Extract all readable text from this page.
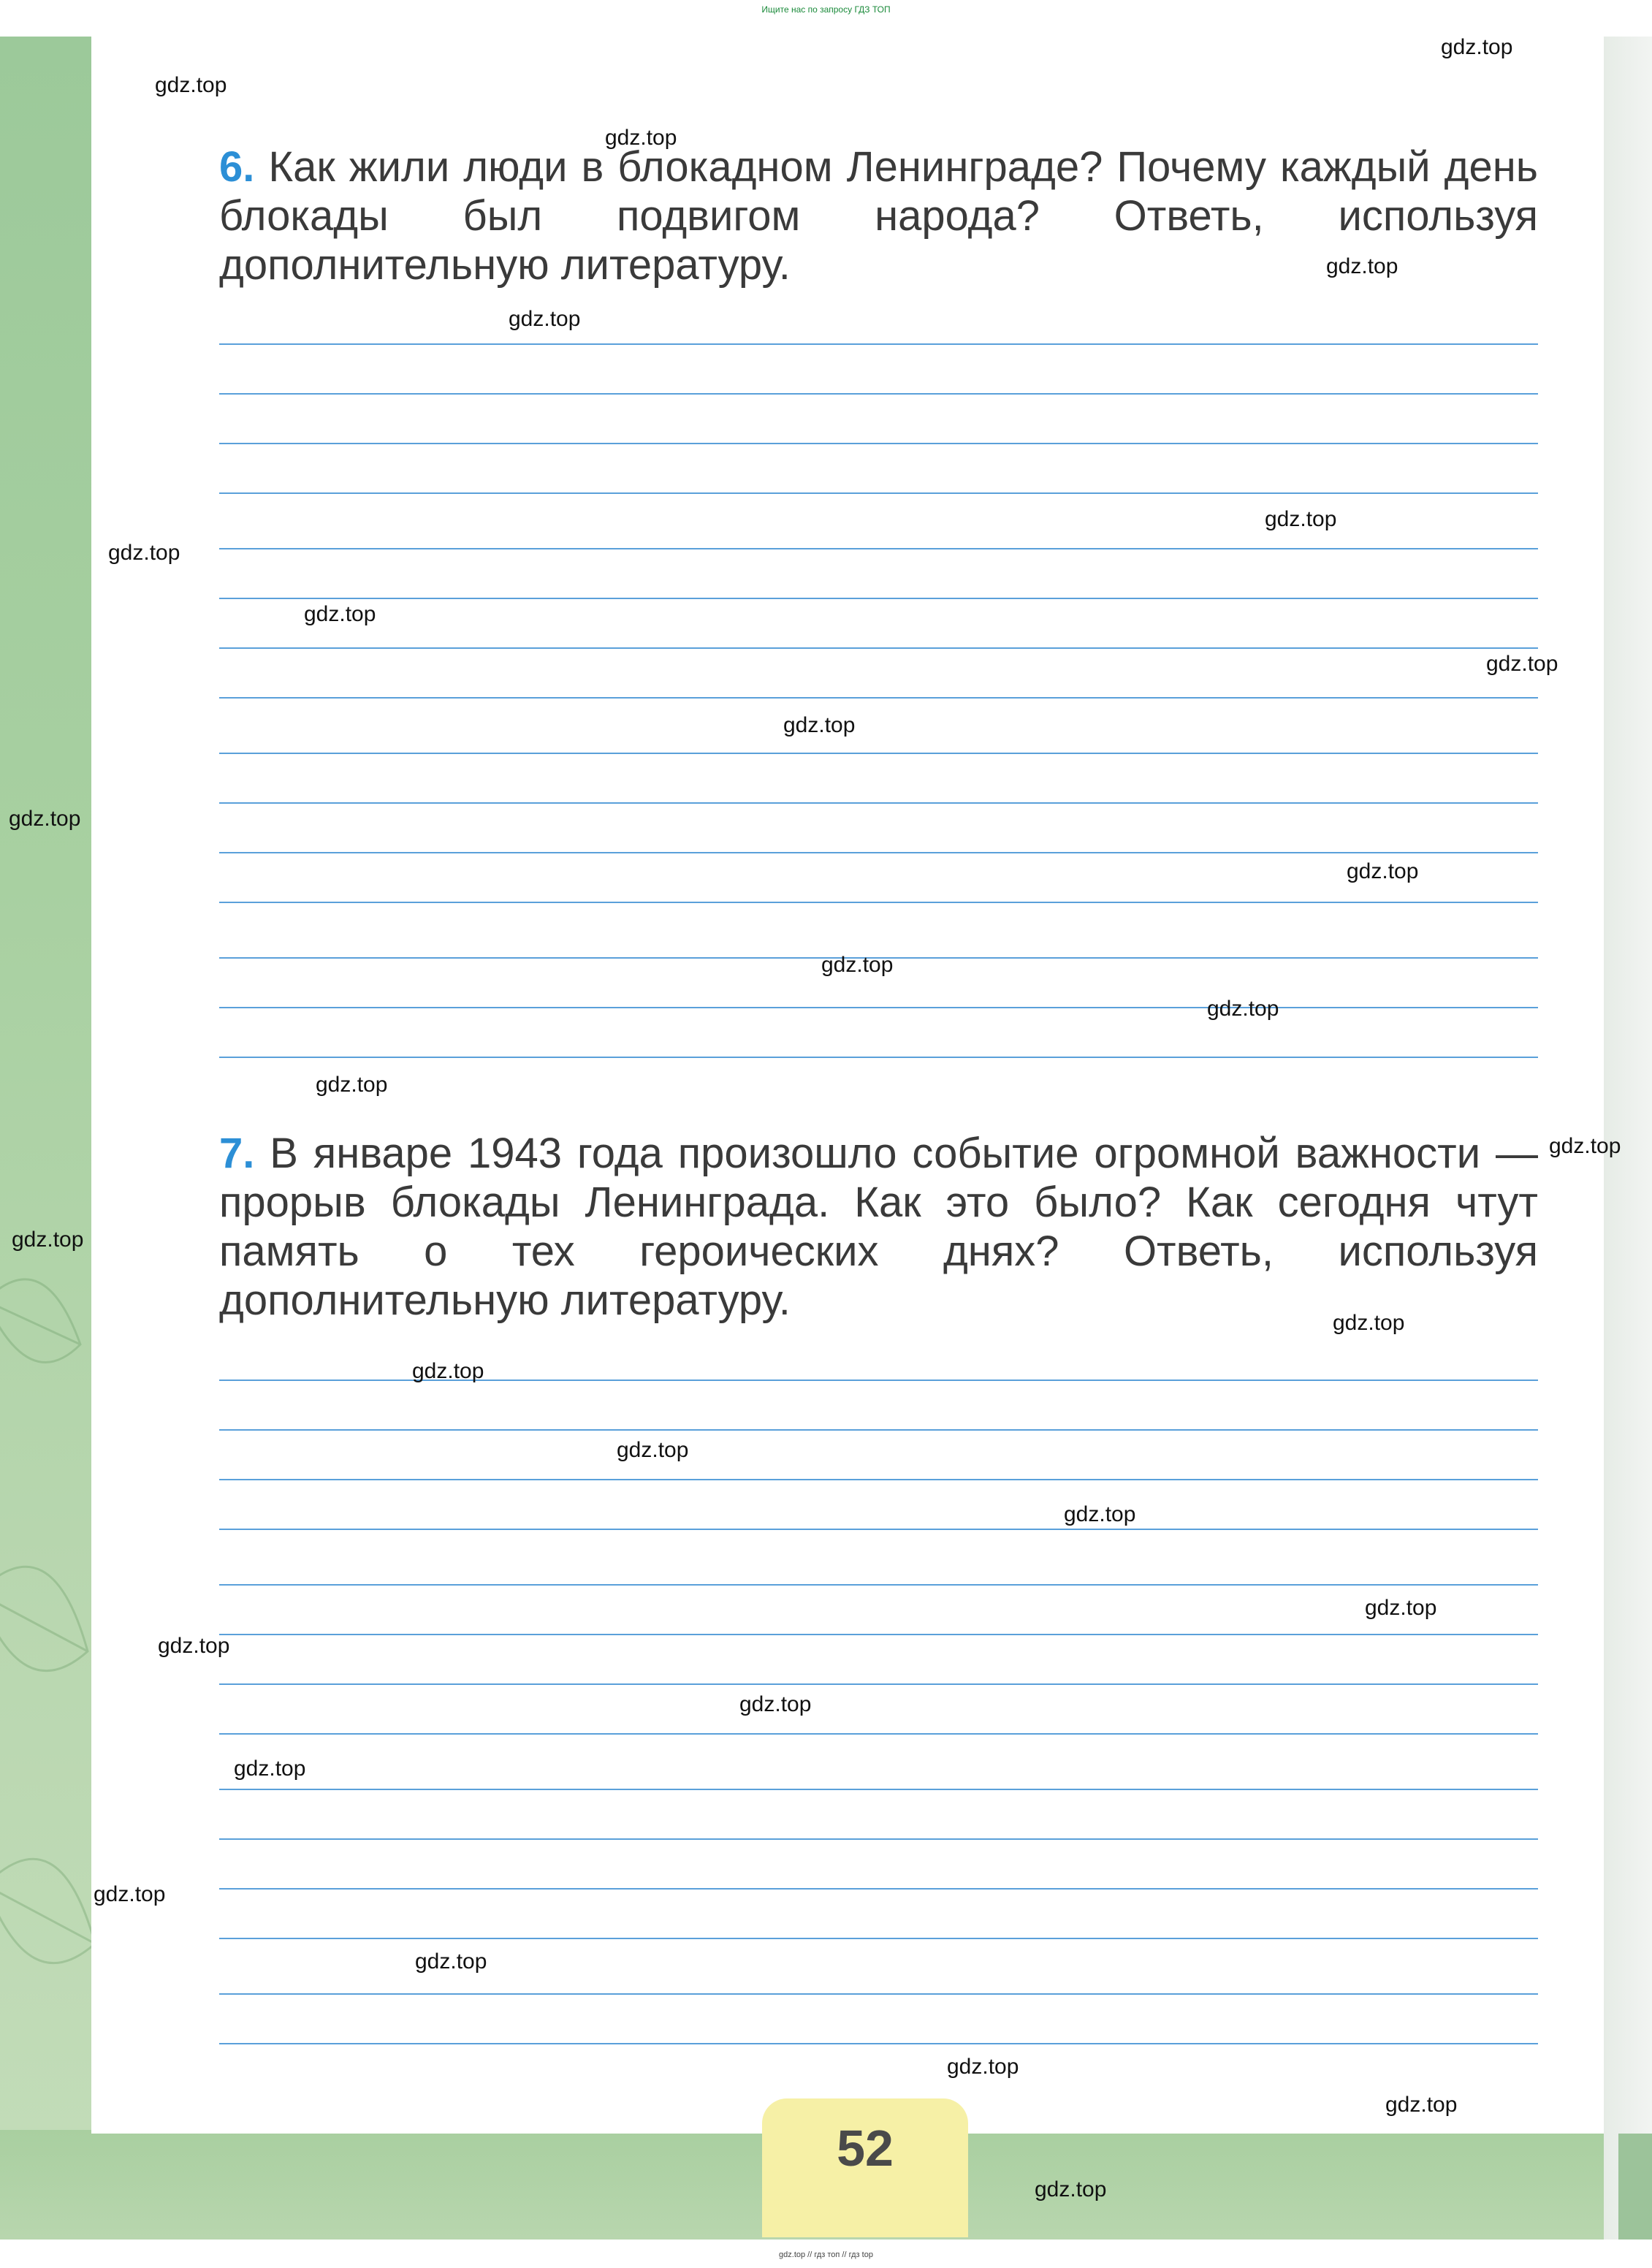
Ищите нас по запросу ГДЗ ТОП
6. Как жили люди в блокадном Ленинграде? Почему каждый день блокады был подвигом народа? Ответь, используя дополнительную литературу.
7. В январе 1943 года произошло событие огромной важности — прорыв блокады Ленинграда. Как это было? Как сегодня чтут память о тех героических днях? Ответь, используя дополнительную литературу.
52
gdz.top
gdz.top
gdz.top
gdz.top
gdz.top
gdz.top
gdz.top
gdz.top
gdz.top
gdz.top
gdz.top
gdz.top
gdz.top
gdz.top
gdz.top
gdz.top
gdz.top
gdz.top
gdz.top
gdz.top
gdz.top
gdz.top
gdz.top
gdz.top
gdz.top
gdz.top
gdz.top
gdz.top
gdz.top
gdz.top
gdz.top // гдз топ // гдз top
